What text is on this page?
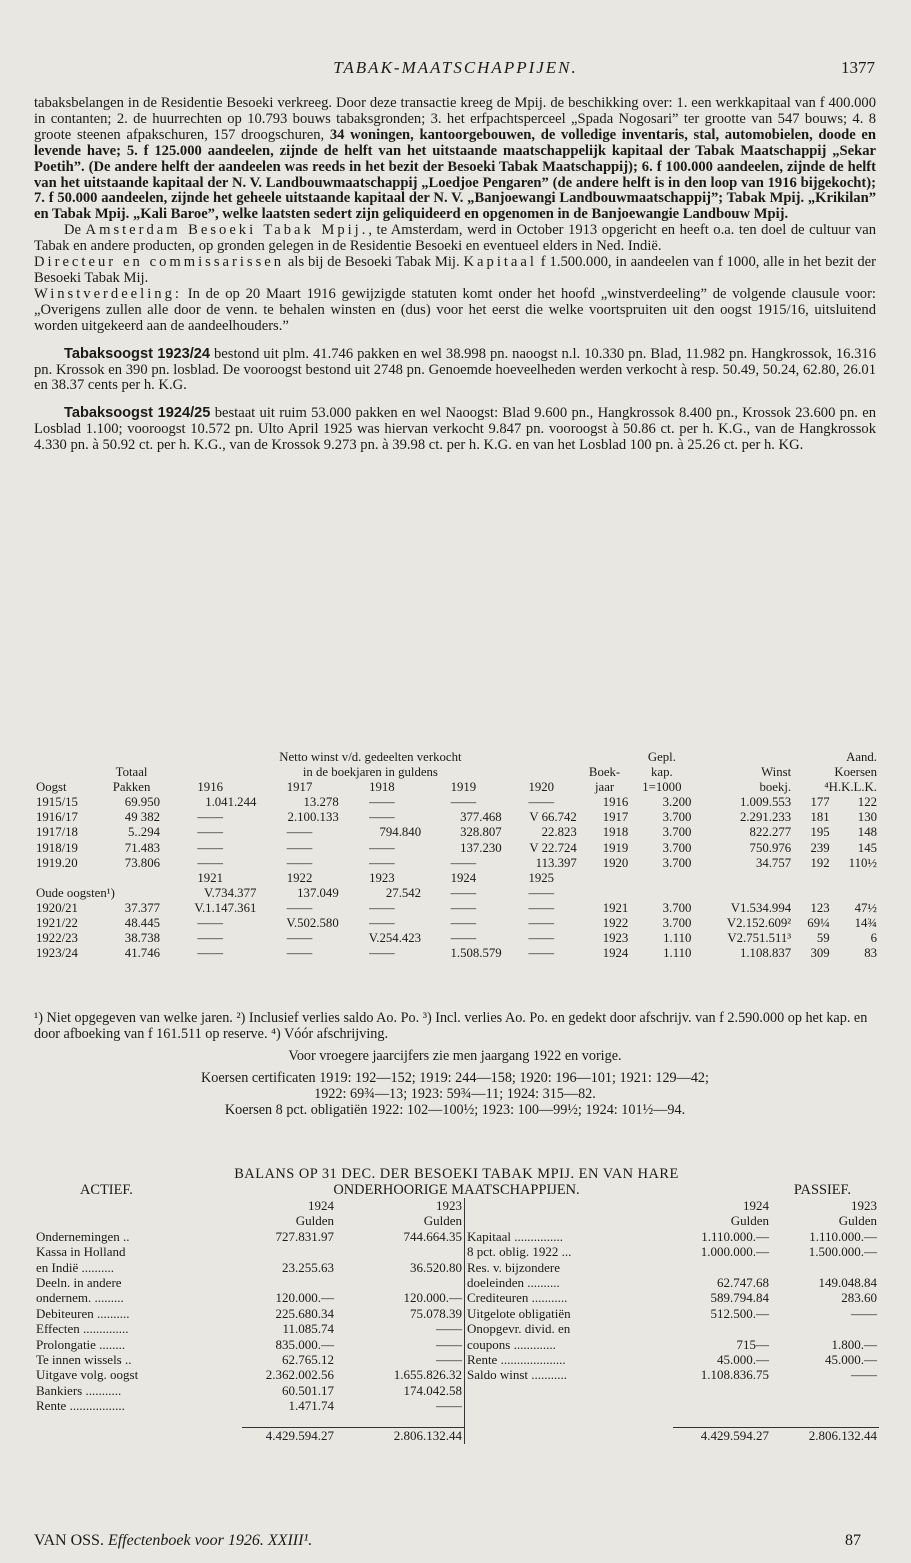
TABAK-MAATSCHAPPIJEN.	1377

tabaksbelangen in de Residentie Besoeki verkreeg. Door deze transactie kreeg de Mpij. de beschikking over: 1. een werkkapitaal van f 400.000 in contanten; 2. de huurrechten op 10.793 bouws tabaksgronden; 3. het erfpachtsperceel „Spada Nogosari” ter grootte van 547 bouws; 4. 8 groote steenen afpakschuren, 157 droogschuren, 34 woningen, kantoorgebouwen, de volledige inventaris, stal, automobielen, doode en levende have; 5. f 125.000 aandeelen, zijnde de helft van het uitstaande maatschappelijk kapitaal der Tabak Maatschappij „Sekar Poetih”. (De andere helft der aandeelen was reeds in het bezit der Besoeki Tabak Maatschappij); 6. f 100.000 aandeelen, zijnde de helft van het uitstaande kapitaal der N. V. Landbouwmaatschappij „Loedjoe Pengaren” (de andere helft is in den loop van 1916 bijgekocht); 7. f 50.000 aandeelen, zijnde het geheele uitstaande kapitaal der N. V. „Banjoewangi Landbouwmaatschappij”; Tabak Mpij. „Krikilan” en Tabak Mpij. „Kali Baroe”, welke laatsten sedert zijn geliquideerd en opgenomen in de Banjoewangie Landbouw Mpij.

De Amsterdam Besoeki Tabak Mpij., te Amsterdam, werd in October 1913 opgericht en heeft o.a. ten doel de cultuur van Tabak en andere producten, op gronden gelegen in de Residentie Besoeki en eventueel elders in Ned. Indië.

Directeur en commissarissen als bij de Besoeki Tabak Mij. Kapitaal f 1.500.000, in aandeelen van f 1000, alle in het bezit der Besoeki Tabak Mij.

Winstverdeeling: In de op 20 Maart 1916 gewijzigde statuten komt onder het hoofd „winstverdeeling” de volgende clausule voor: „Overigens zullen alle door de venn. te behalen winsten en (dus) voor het eerst die welke voortspruiten uit den oogst 1915/16, uitsluitend worden uitgekeerd aan de aandeelhouders.”

Tabaksoogst 1923/24 bestond uit plm. 41.746 pakken en wel 38.998 pn. naoogst n.l. 10.330 pn. Blad, 11.982 pn. Hangkrossok, 16.316 pn. Krossok en 390 pn. losblad. De vooroogst bestond uit 2748 pn. Genoemde hoeveelheden werden verkocht à resp. 50.49, 50.24, 62.80, 26.01 en 38.37 cents per h. K.G.

Tabaksoogst 1924/25 bestaat uit ruim 53.000 pakken en wel Naoogst: Blad 9.600 pn., Hangkrossok 8.400 pn., Krossok 23.600 pn. en Losblad 1.100; vooroogst 10.572 pn. Ulto April 1925 was hiervan verkocht 9.847 pn. vooroogst à 50.86 ct. per h. K.G., van de Hangkrossok 4.330 pn. à 50.92 ct. per h. K.G., van de Krossok 9.273 pn. à 39.98 ct. per h. K.G. en van het Losblad 100 pn. à 25.26 ct. per h. KG.

		Netto winst v/d. gedeelten verkocht						Gepl.		Aand.	
	Totaal	in de boekjaren in guldens					Boek-	kap.	Winst	Koersen	
Oogst	Pakken	1916	1917	1918	1919	1920	jaar	1=1000	boekj.	⁴H.K.L.K.	
1915/15	69.950	1.041.244	13.278	——	——	——	1916	3.200	1.009.553	177	122
1916/17	49 382	——	2.100.133	——	377.468	V 66.742	1917	3.700	2.291.233	181	130
1917/18	5..294	——	——	794.840	328.807	22.823	1918	3.700	822.277	195	148
1918/19	71.483	——	——	——	137.230	V 22.724	1919	3.700	750.976	239	145
1919.20	73.806	——	——	——	——	113.397	1920	3.700	34.757	192	110½
		1921	1922	1923	1924	1925					
Oude oogsten¹)		V.734.377	137.049	27.542	——	——					
1920/21	37.377	V.1.147.361	——	——	——	——	1921	3.700	V1.534.994	123	47½
1921/22	48.445	——	V.502.580	——	——	——	1922	3.700	V2.152.609²	69¼	14¾
1922/23	38.738	——	——	V.254.423	——	——	1923	1.110	V2.751.511³	59	6
1923/24	41.746	——	——	——	1.508.579	——	1924	1.110	1.108.837	309	83

¹) Niet opgegeven van welke jaren. ²) Inclusief verlies saldo Ao. Po. ³) Incl. verlies Ao. Po. en gedekt door afschrijv. van f 2.590.000 op het kap. en door afboeking van f 161.511 op reserve. ⁴) Vóór afschrijving.

Voor vroegere jaarcijfers zie men jaargang 1922 en vorige.

Koersen certificaten 1919: 192—152; 1919: 244—158; 1920: 196—101; 1921: 129—42;

1922: 69¾—13; 1923: 59¾—11; 1924: 315—82.

Koersen 8 pct. obligatiën 1922: 102—100½; 1923: 100—99½; 1924: 101½—94.

BALANS OP 31 DEC. DER BESOEKI TABAK MPIJ. EN VAN HARE
ACTIEF.	ONDERHOORIGE MAATSCHAPPIJEN.	PASSIEF.
	1924	1923		1924	1923
	Gulden	Gulden		Gulden	Gulden
Ondernemingen ..	727.831.97	744.664.35	Kapitaal ...............	1.110.000.—	1.110.000.—
Kassa in Holland			8 pct. oblig. 1922 ...	1.000.000.—	1.500.000.—
en Indië ..........	23.255.63	36.520.80	Res. v. bijzondere		
Deeln. in andere			doeleinden ..........	62.747.68	149.048.84
ondernem. .........	120.000.—	120.000.—	Crediteuren ...........	589.794.84	283.60
Debiteuren ..........	225.680.34	75.078.39	Uitgelote obligatiën	512.500.—	——
Effecten ..............	11.085.74	——	Onopgevr. divid. en		
Prolongatie ........	835.000.—	——	coupons .............	715—	1.800.—
Te innen wissels ..	62.765.12	——	Rente ....................	45.000.—	45.000.—
Uitgave volg. oogst	2.362.002.56	1.655.826.32	Saldo winst ...........	1.108.836.75	——
Bankiers ...........	60.501.17	174.042.58			
Rente .................	1.471.74	——			

	4.429.594.27	2.806.132.44		4.429.594.27	2.806.132.44
VAN OSS. Effectenboek voor 1926. XXIII¹.	87
